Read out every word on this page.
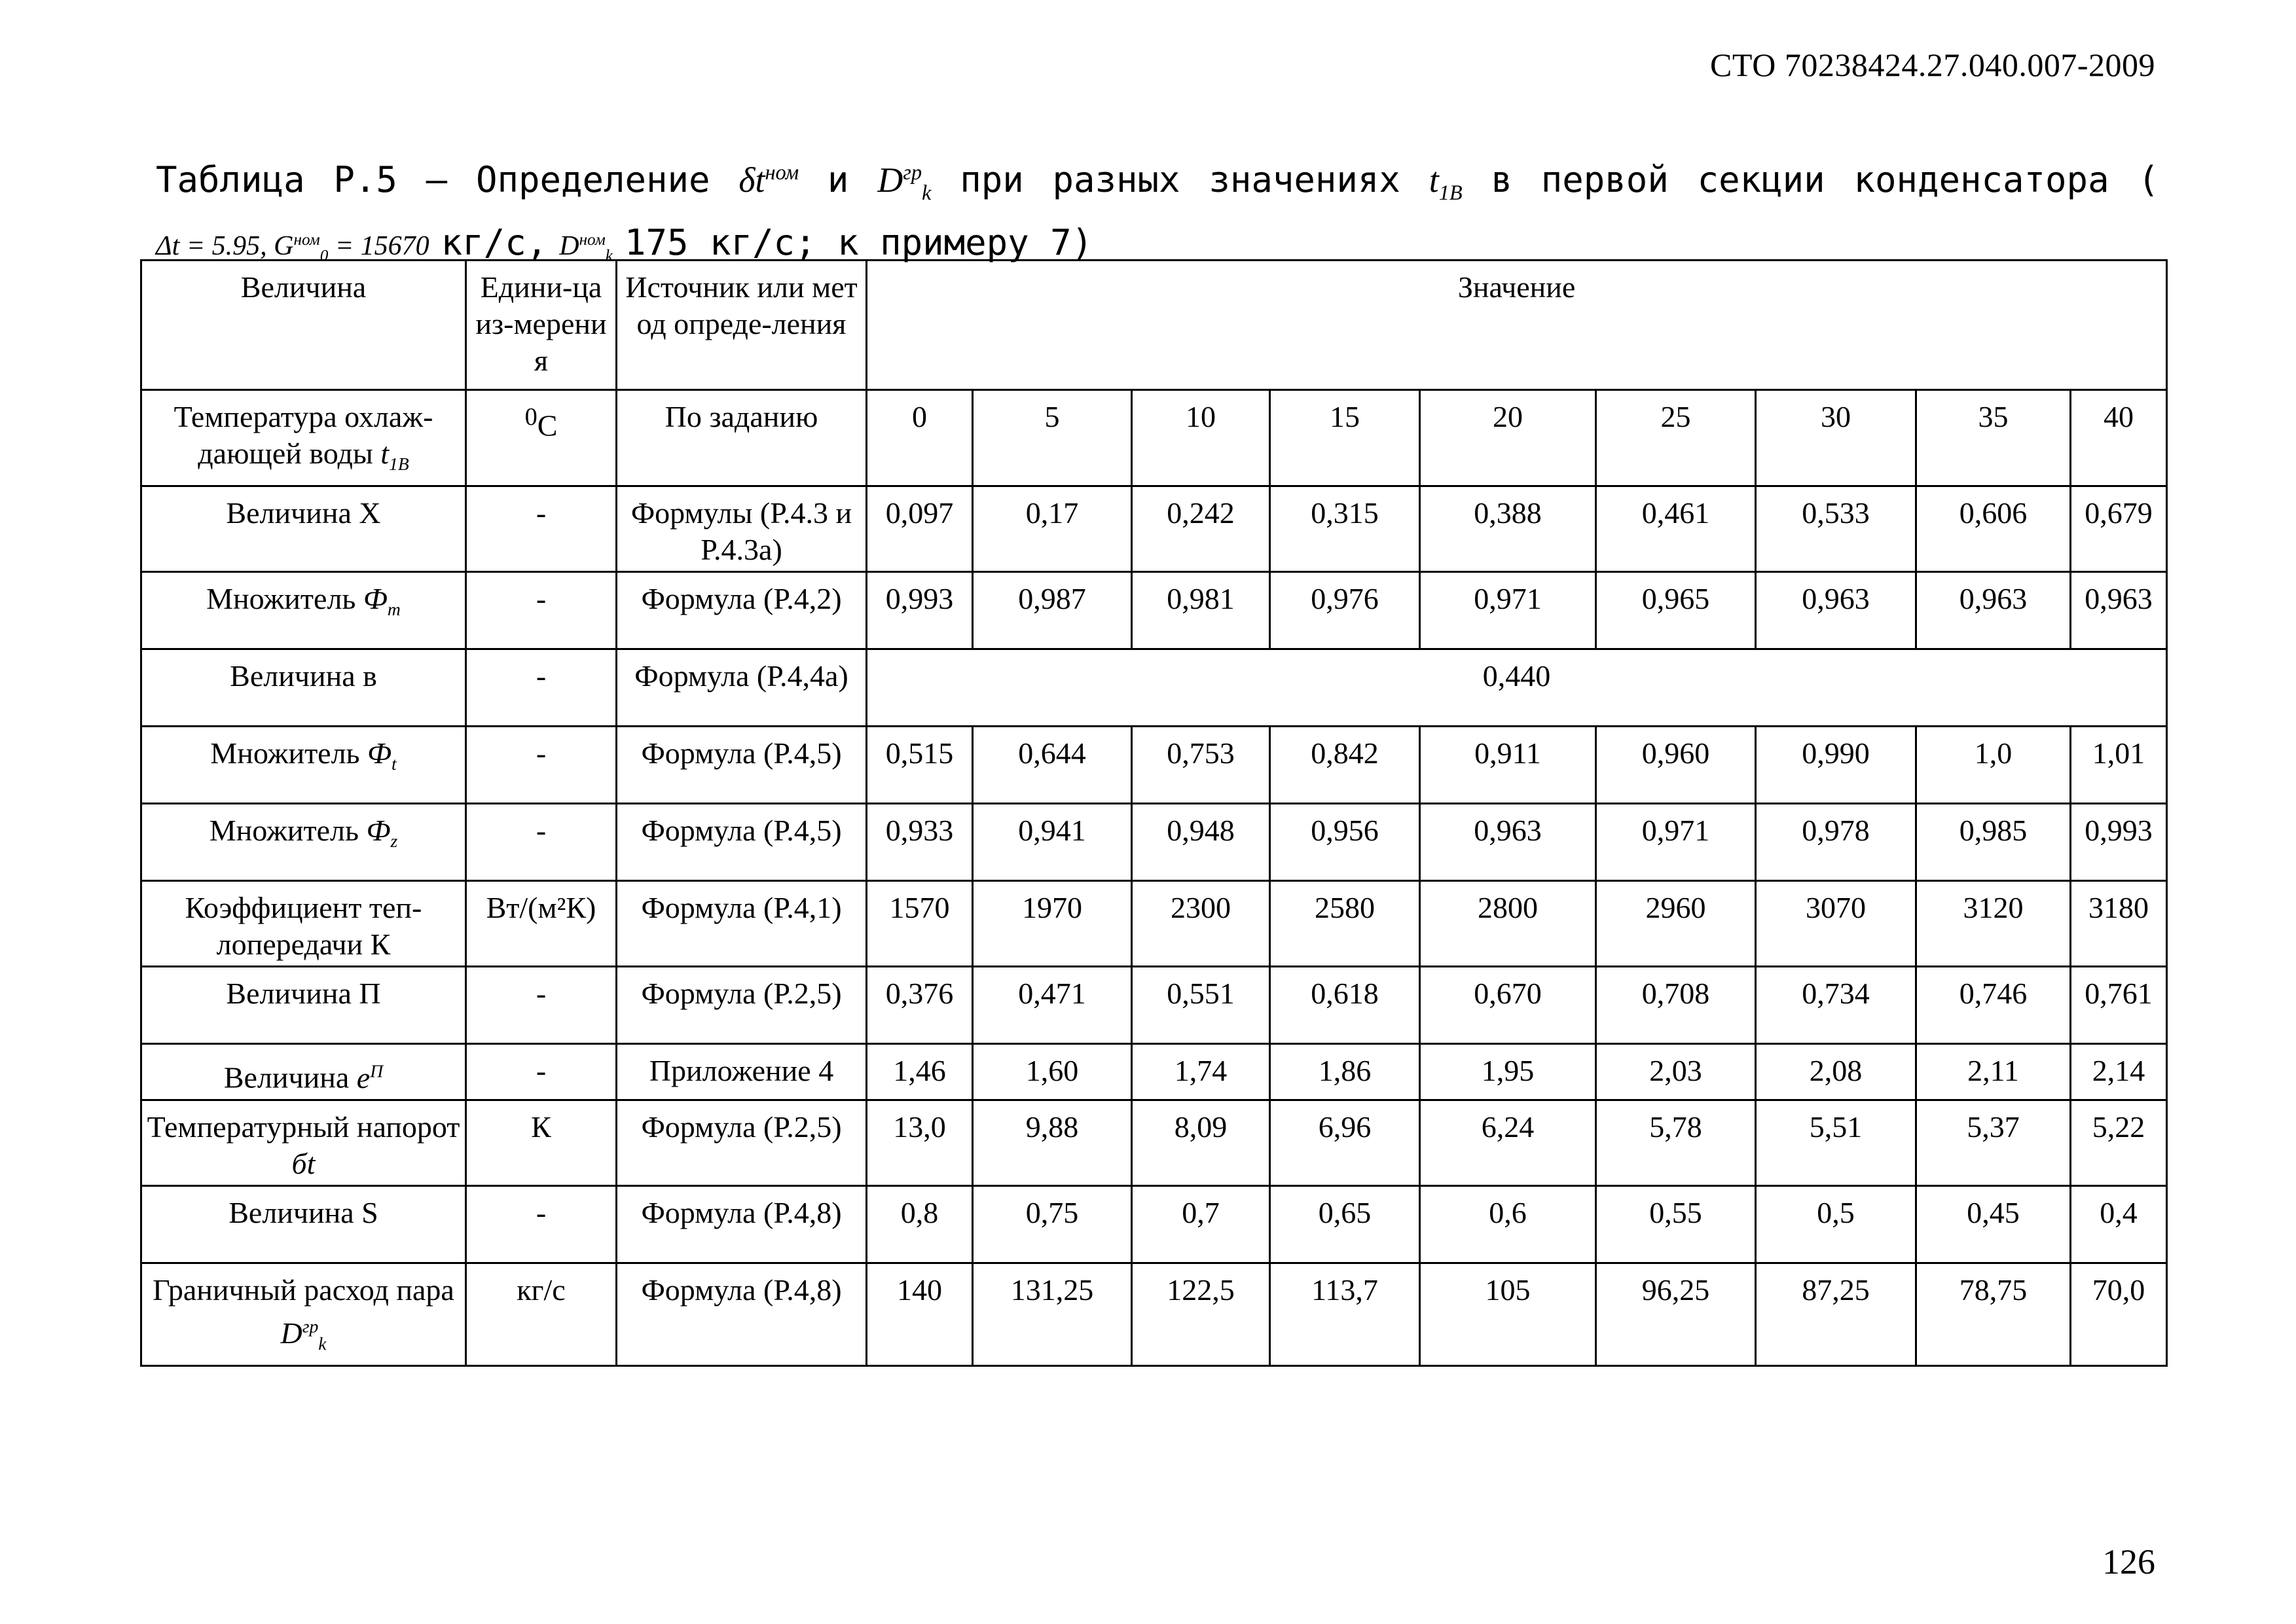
СТО 70238424.27.040.007-2009
Таблица Р.5 – Определение $\delta t^{ном}$ и $D^{гр}_k$ при разных значениях $t_{1В}$ в первой секции конденсатора (
Δt = 5.95, $G^{ном}_0 = 15670$ кг/с, $D^{ном}_k$ 175 кг/с; к примеру 7)
Величина	Едини-ца из-мерения	Источник или метод опреде-ления	Значение								
Температура охлаж-дающей воды $t_{1В}$	$^0$С	По заданию	0	5	10	15	20	25	30	35	40
Величина X	-	Формулы (Р.4.3 и Р.4.3а)	0,097	0,17	0,242	0,315	0,388	0,461	0,533	0,606	0,679
Множитель $Ф_m$	-	Формула (Р.4,2)	0,993	0,987	0,981	0,976	0,971	0,965	0,963	0,963	0,963
Величина в	-	Формула (Р.4,4а)	0,440								
Множитель $Ф_t$	-	Формула (Р.4,5)	0,515	0,644	0,753	0,842	0,911	0,960	0,990	1,0	1,01
Множитель $Ф_z$	-	Формула (Р.4,5)	0,933	0,941	0,948	0,956	0,963	0,971	0,978	0,985	0,993
Коэффициент теп-лопередачи К	Вт/(м²К)	Формула (Р.4,1)	1570	1970	2300	2580	2800	2960	3070	3120	3180
Величина П	-	Формула (Р.2,5)	0,376	0,471	0,551	0,618	0,670	0,708	0,734	0,746	0,761
Величина $e^П$	-	Приложение 4	1,46	1,60	1,74	1,86	1,95	2,03	2,08	2,11	2,14
Температурный напорот бt	К	Формула (Р.2,5)	13,0	9,88	8,09	6,96	6,24	5,78	5,51	5,37	5,22
Величина S	-	Формула (Р.4,8)	0,8	0,75	0,7	0,65	0,6	0,55	0,5	0,45	0,4
Граничный расход пара $D^{гр}_k$	кг/с	Формула (Р.4,8)	140	131,25	122,5	113,7	105	96,25	87,25	78,75	70,0
126
